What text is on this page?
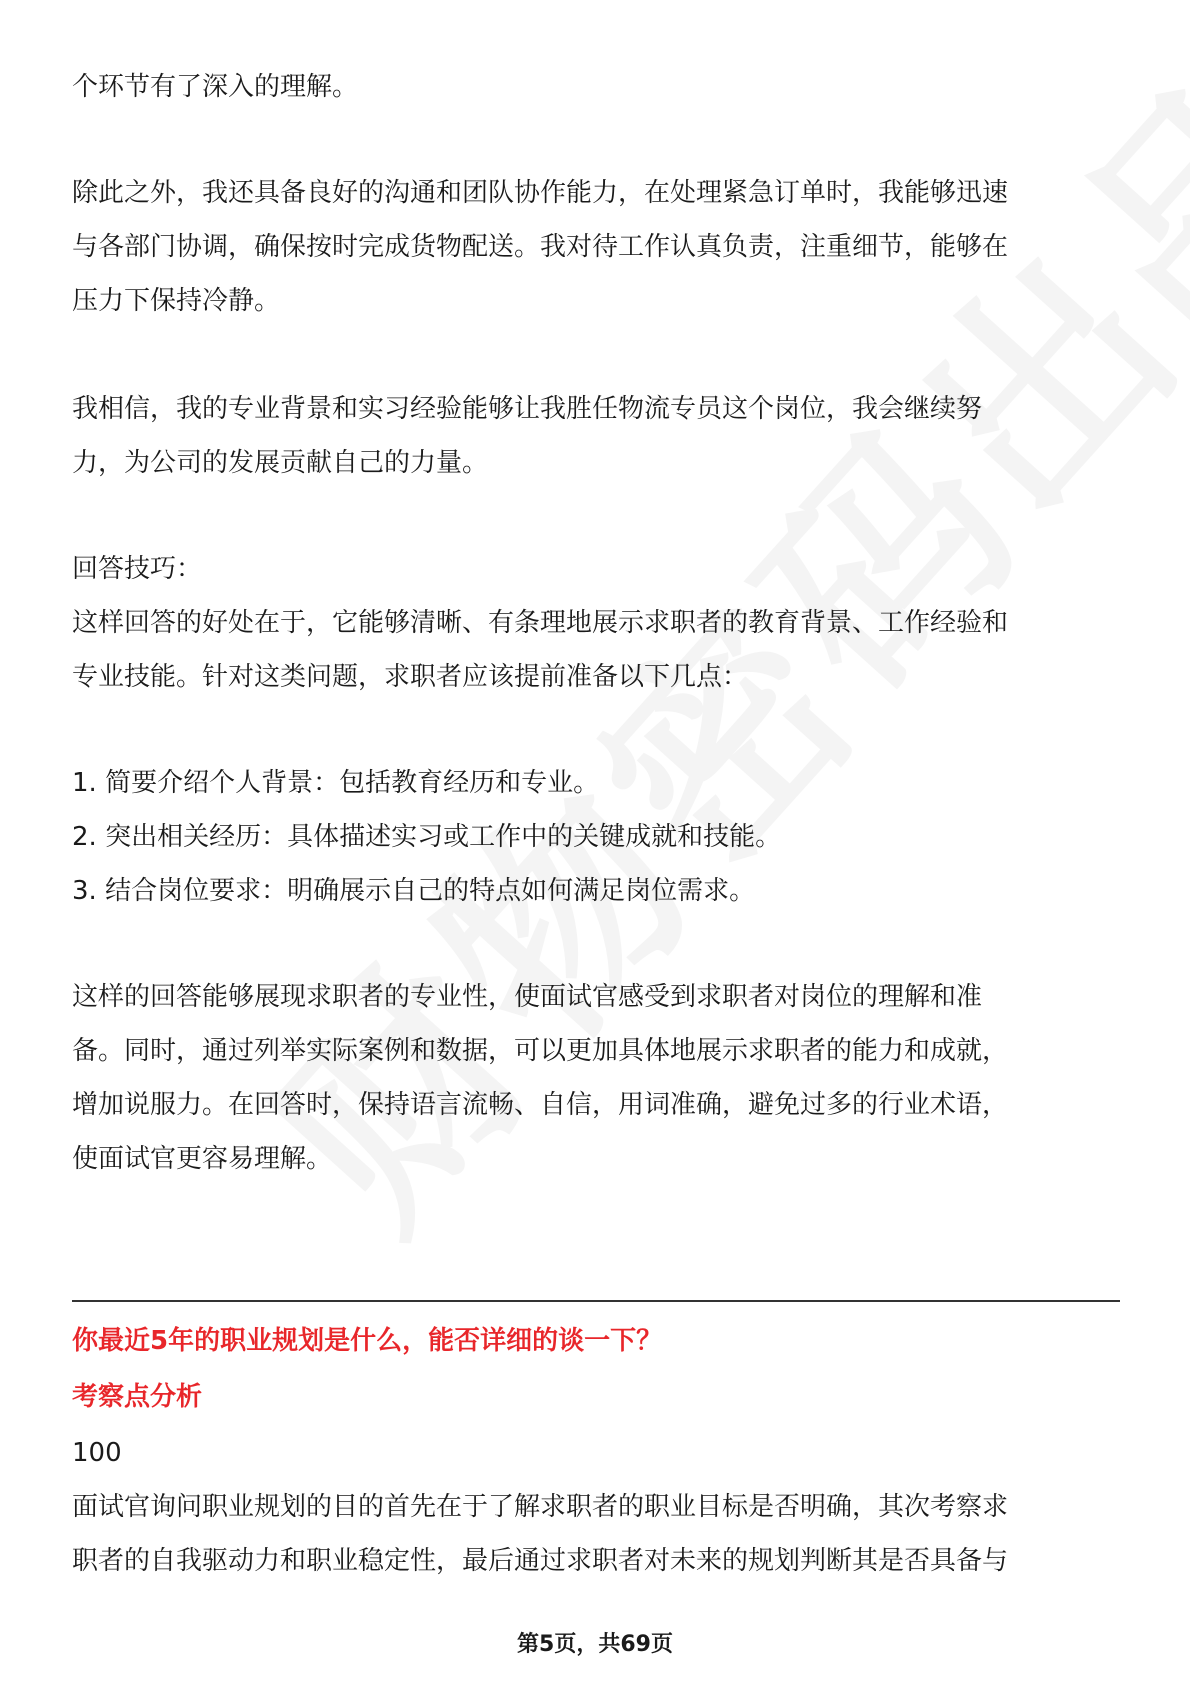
个环节有了深入的理解。
除此之外，我还具备良好的沟通和团队协作能力，在处理紧急订单时，我能够迅速
与各部门协调，确保按时完成货物配送。我对待工作认真负责，注重细节，能够在
压力下保持冷静。
我相信，我的专业背景和实习经验能够让我胜任物流专员这个岗位，我会继续努
力，为公司的发展贡献自己的力量。
回答技巧：
这样回答的好处在于，它能够清晰、有条理地展示求职者的教育背景、工作经验和
专业技能。针对这类问题，求职者应该提前准备以下几点：
1. 简要介绍个人背景：包括教育经历和专业。
2. 突出相关经历：具体描述实习或工作中的关键成就和技能。
3. 结合岗位要求：明确展示自己的特点如何满足岗位需求。
这样的回答能够展现求职者的专业性，使面试官感受到求职者对岗位的理解和准
备。同时，通过列举实际案例和数据，可以更加具体地展示求职者的能力和成就，
增加说服力。在回答时，保持语言流畅、自信，用词准确，避免过多的行业术语，
使面试官更容易理解。
你最近5年的职业规划是什么，能否详细的谈一下？
考察点分析
100
面试官询问职业规划的目的首先在于了解求职者的职业目标是否明确，其次考察求
职者的自我驱动力和职业稳定性，最后通过求职者对未来的规划判断其是否具备与
第5页，共69页
